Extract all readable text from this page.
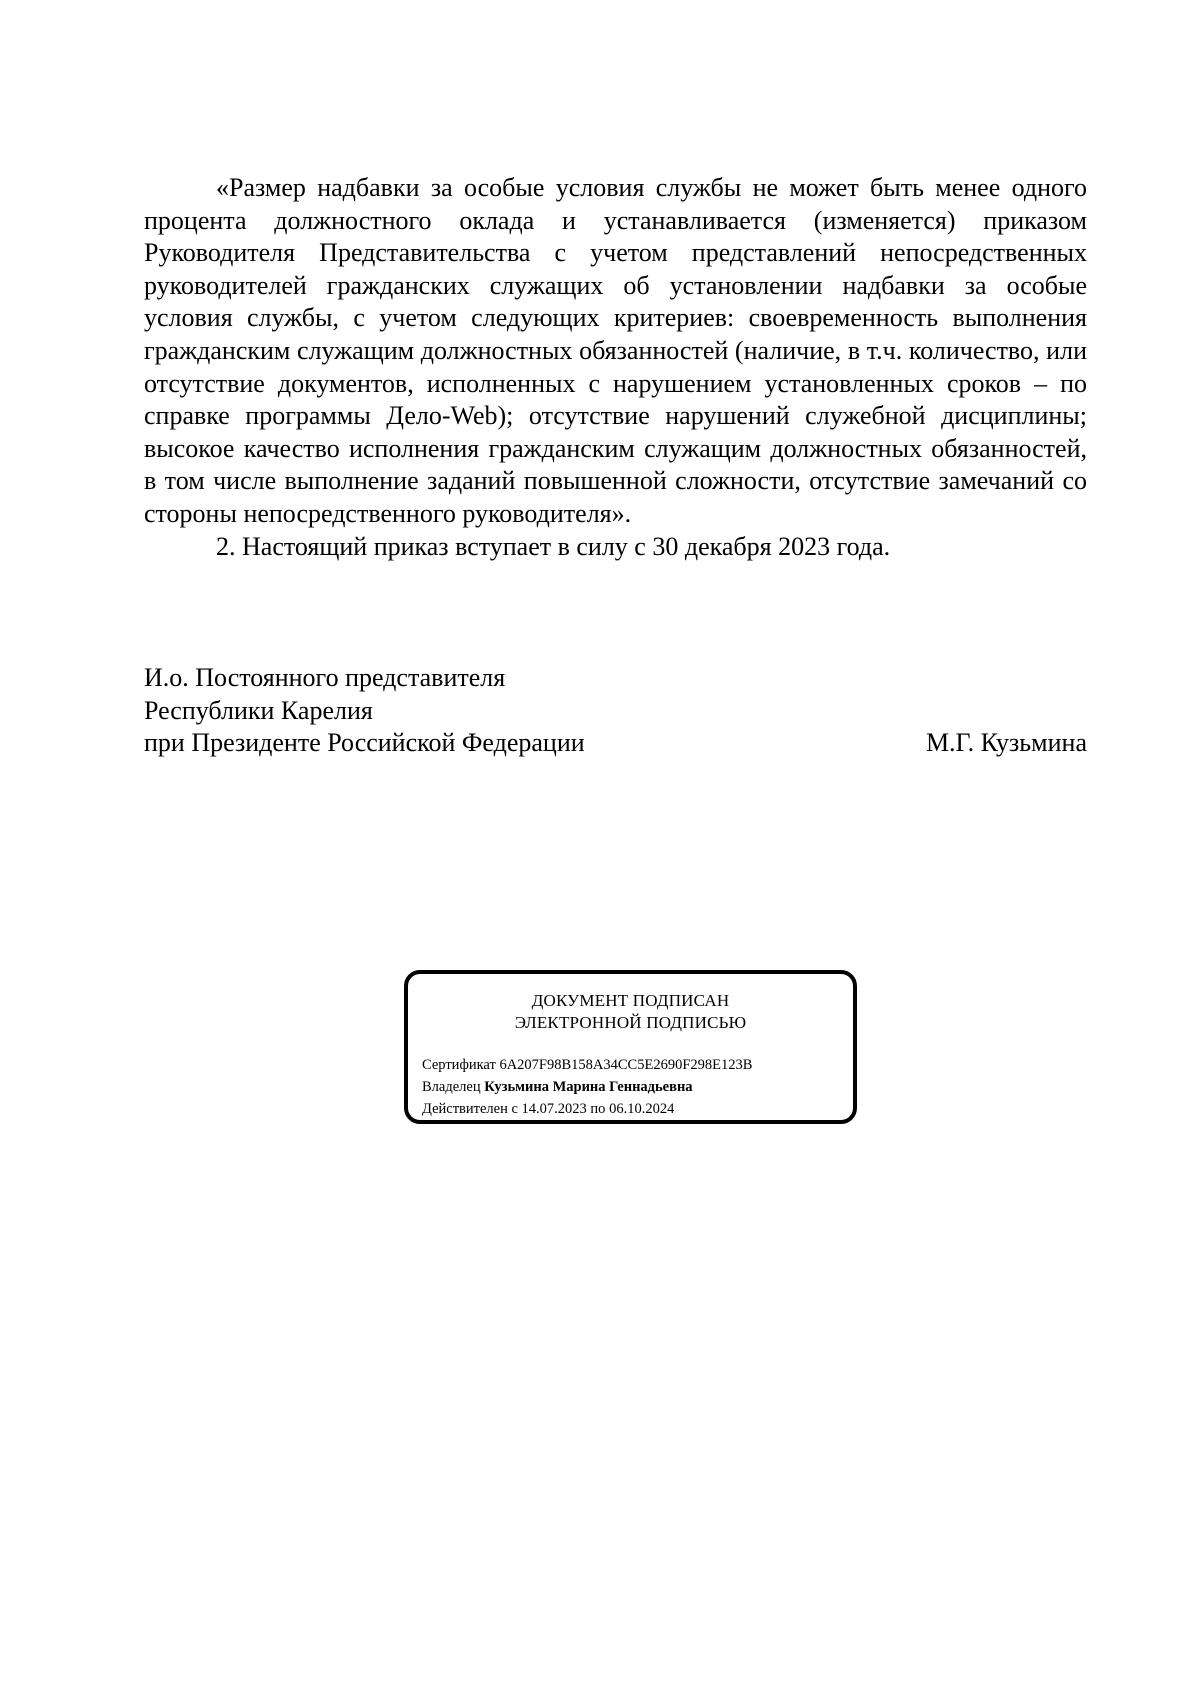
«Размер надбавки за особые условия службы не может быть менее одного процента должностного оклада и устанавливается (изменяется) приказом Руководителя Представительства с учетом представлений непосредственных руководителей гражданских служащих об установлении надбавки за особые условия службы, с учетом следующих критериев: своевременность выполнения гражданским служащим должностных обязанностей (наличие, в т.ч. количество, или отсутствие документов, исполненных с нарушением установленных сроков – по справке программы Дело-Web); отсутствие нарушений служебной дисциплины; высокое качество исполнения гражданским служащим должностных обязанностей, в том числе выполнение заданий повышенной сложности, отсутствие замечаний со стороны непосредственного руководителя».

2. Настоящий приказ вступает в силу с 30 декабря 2023 года.

И.о. Постоянного представителя
Республики Карелия
при Президенте Российской Федерации	М.Г. Кузьмина
ДОКУМЕНТ ПОДПИСАН
ЭЛЕКТРОННОЙ ПОДПИСЬЮ
Сертификат 6A207F98B158A34CC5E2690F298E123B
Владелец Кузьмина Марина Геннадьевна
Действителен с 14.07.2023 по 06.10.2024
